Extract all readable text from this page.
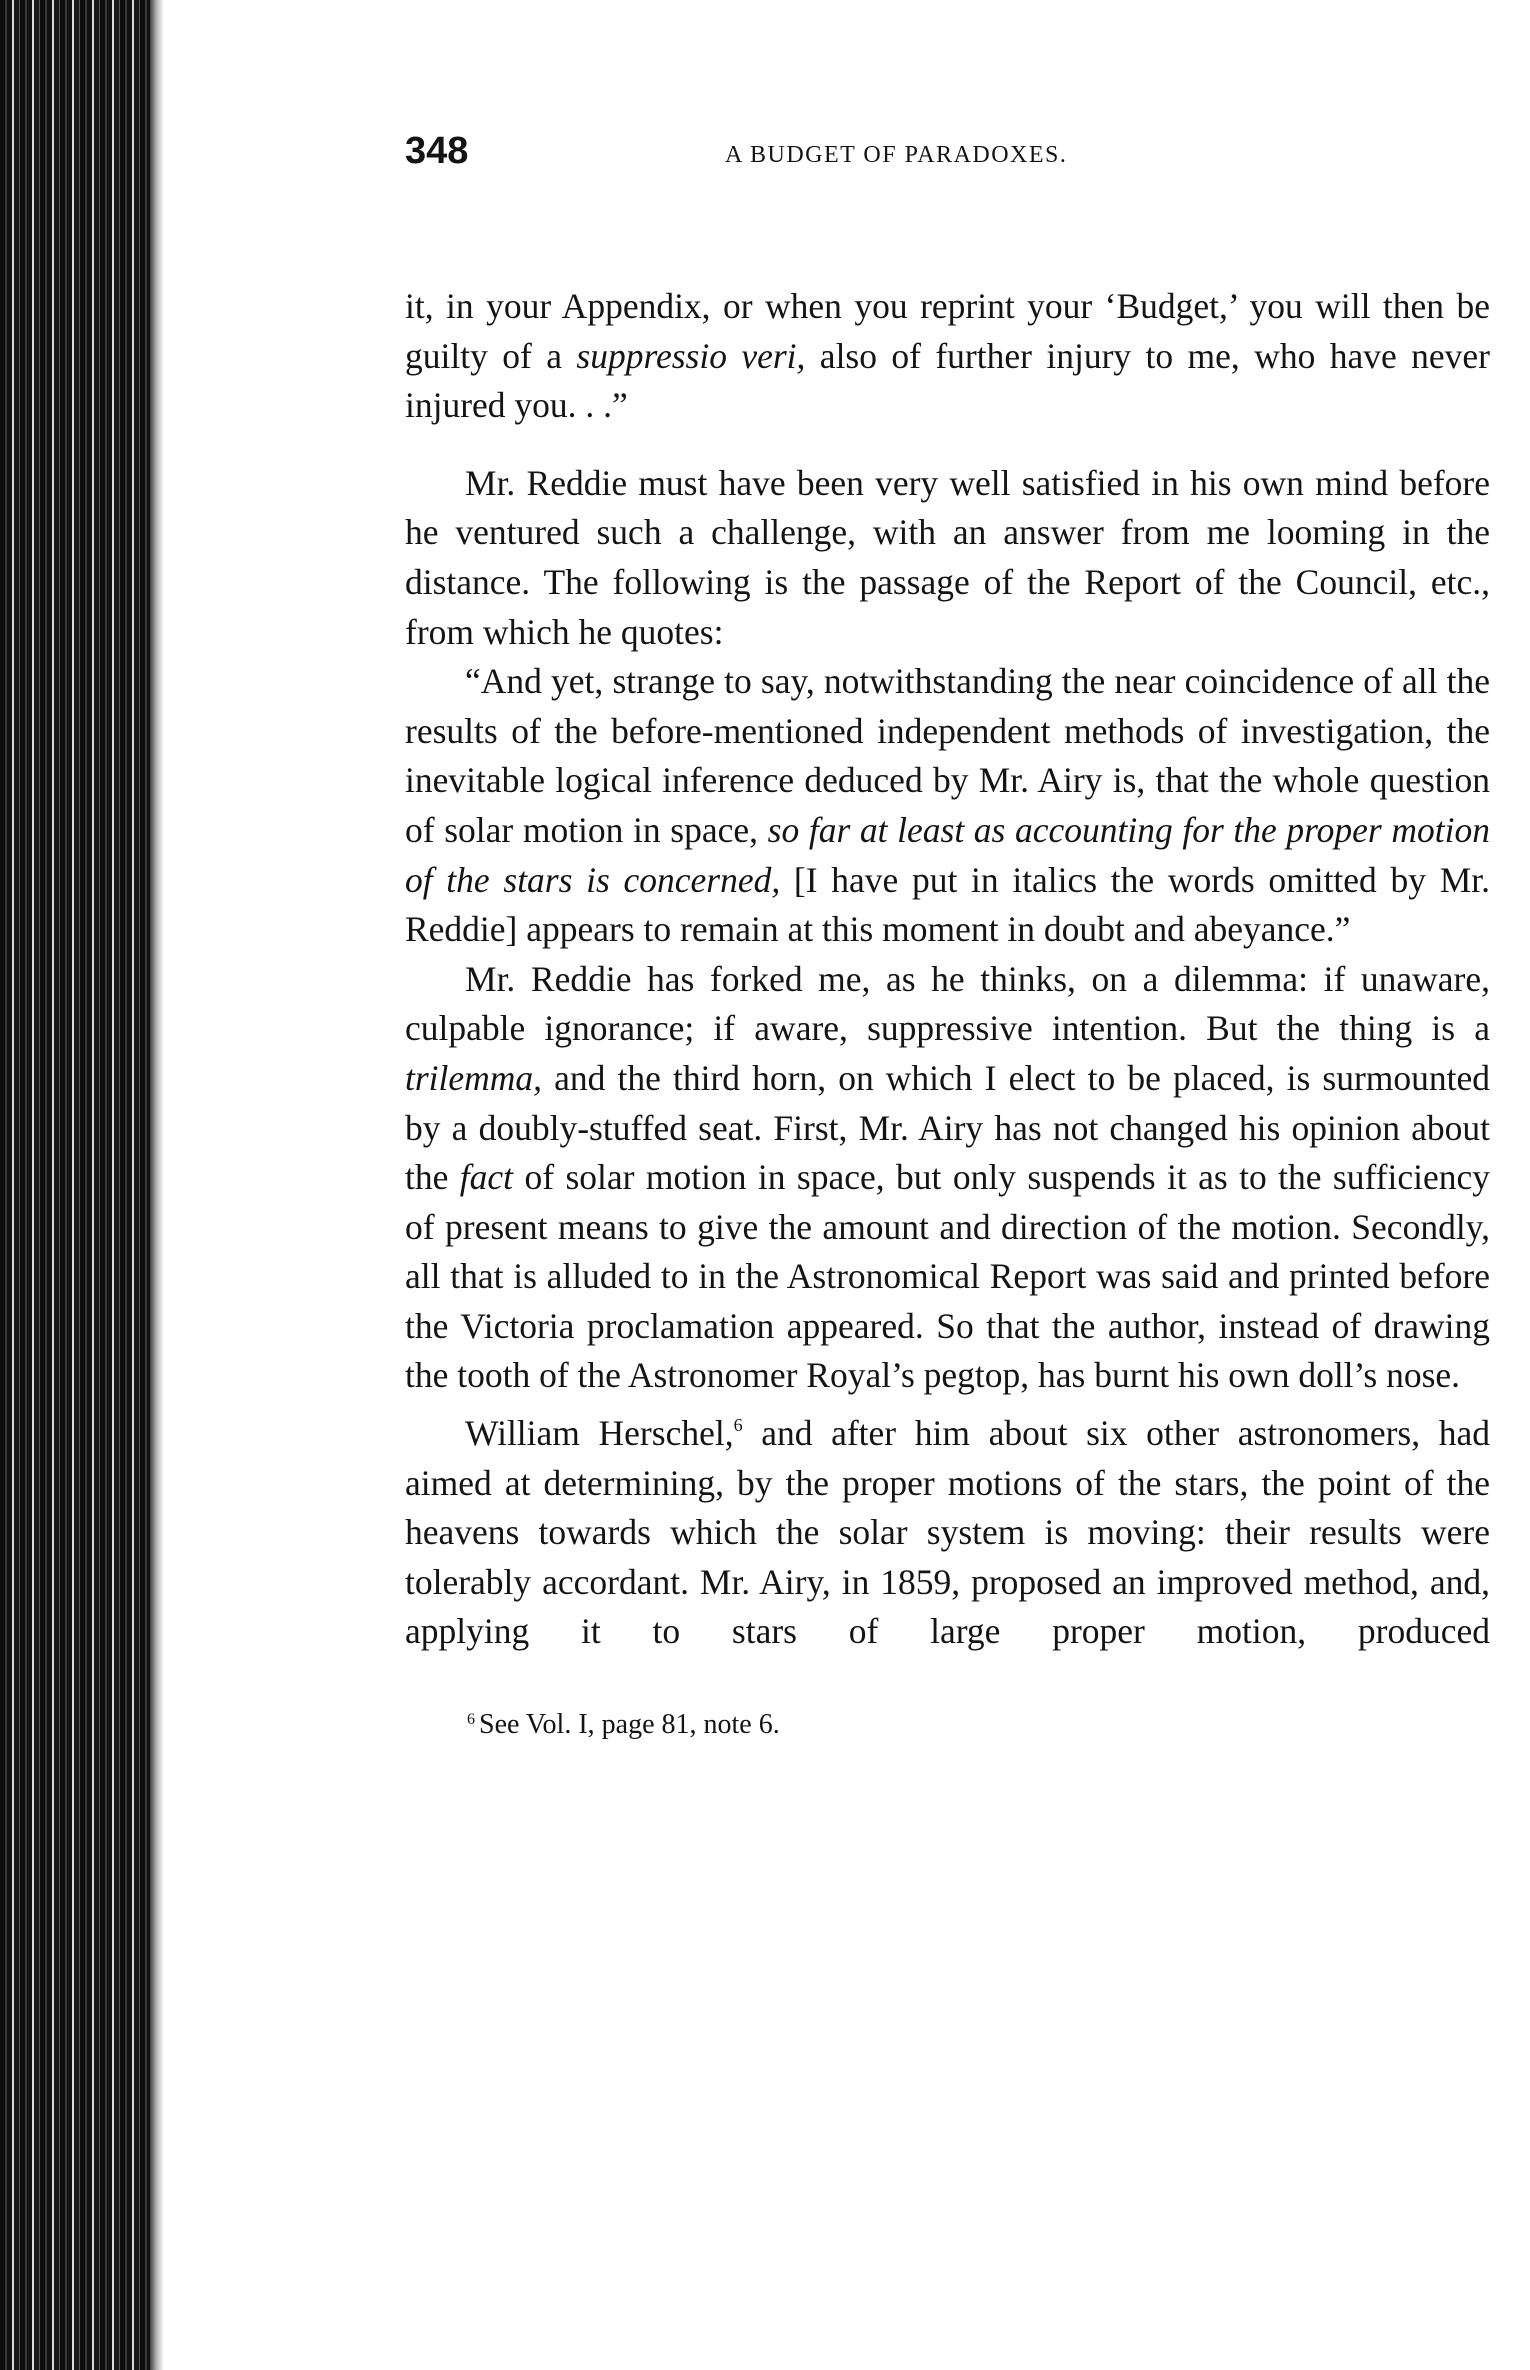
348	A BUDGET OF PARADOXES.

it, in your Appendix, or when you reprint your ‘Budget,’ you will then be guilty of a suppressio veri, also of further injury to me, who have never injured you. . .”

Mr. Reddie must have been very well satisfied in his own mind before he ventured such a challenge, with an answer from me looming in the distance. The following is the passage of the Report of the Council, etc., from which he quotes:

“And yet, strange to say, notwithstanding the near coincidence of all the results of the before-mentioned independent methods of investigation, the inevitable logical inference deduced by Mr. Airy is, that the whole question of solar motion in space, so far at least as accounting for the proper motion of the stars is concerned, [I have put in italics the words omitted by Mr. Reddie] appears to remain at this moment in doubt and abeyance.”

Mr. Reddie has forked me, as he thinks, on a dilemma: if unaware, culpable ignorance; if aware, suppressive intention. But the thing is a trilemma, and the third horn, on which I elect to be placed, is surmounted by a doubly-stuffed seat. First, Mr. Airy has not changed his opinion about the fact of solar motion in space, but only suspends it as to the sufficiency of present means to give the amount and direction of the motion. Secondly, all that is alluded to in the Astronomical Report was said and printed before the Victoria proclamation appeared. So that the author, instead of drawing the tooth of the Astronomer Royal’s pegtop, has burnt his own doll’s nose.

William Herschel,$^6$ and after him about six other astronomers, had aimed at determining, by the proper motions of the stars, the point of the heavens towards which the solar system is moving: their results were tolerably accordant. Mr. Airy, in 1859, proposed an improved method, and, applying it to stars of large proper motion, produced

$^6$ See Vol. I, page 81, note 6.
